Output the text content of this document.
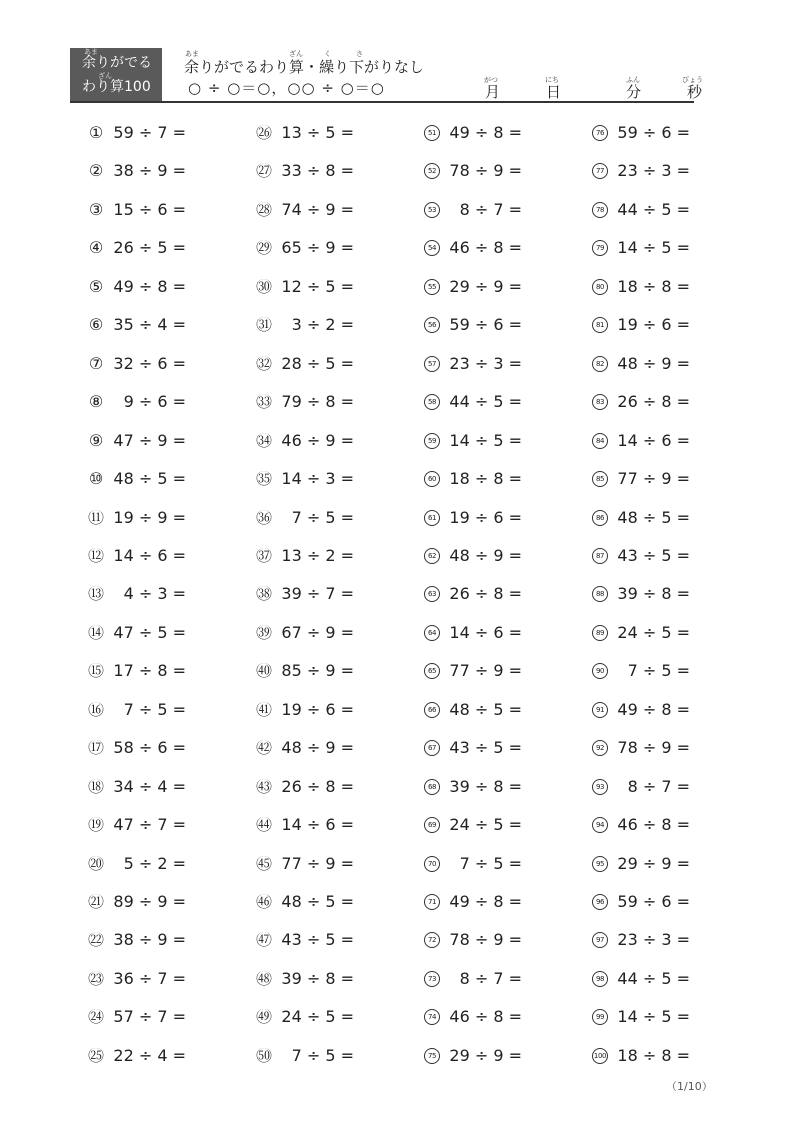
あま
余りがでる
ざん
わり算100
あま	ざん	く	さ
余りがでるわり算・繰り下がりなし
○ ÷ ○＝○，○○ ÷ ○＝○	がつ
月
にち
日
ふん
分
びょう
秒
① 59 ÷ 7 =
② 38 ÷ 9 =
③ 15 ÷ 6 =
④ 26 ÷ 5 =
⑤ 49 ÷ 8 =
⑥ 35 ÷ 4 =
⑦ 32 ÷ 6 =
⑧	9 ÷ 6 =
⑨ 47 ÷ 9 =
⑩ 48 ÷ 5 =
⑪ 19 ÷ 9 =
⑫ 14 ÷ 6 =
⑬	4 ÷ 3 =
⑭ 47 ÷ 5 =
⑮ 17 ÷ 8 =
⑯	7 ÷ 5 =
⑰ 58 ÷ 6 =
⑱ 34 ÷ 4 =
⑲ 47 ÷ 7 =
⑳	5 ÷ 2 =
㉑ 89 ÷ 9 =
㉒ 38 ÷ 9 =
㉓ 36 ÷ 7 =
㉔ 57 ÷ 7 =
㉕ 22 ÷ 4 =
㉖ 13 ÷ 5 =
㉗ 33 ÷ 8 =
㉘ 74 ÷ 9 =
㉙ 65 ÷ 9 =
㉚ 12 ÷ 5 =
㉛	3 ÷ 2 =
㉜ 28 ÷ 5 =
㉝ 79 ÷ 8 =
㉞ 46 ÷ 9 =
㉟ 14 ÷ 3 =
㊱	7 ÷ 5 =
㊲ 13 ÷ 2 =
㊳ 39 ÷ 7 =
㊴ 67 ÷ 9 =
㊵ 85 ÷ 9 =
㊶ 19 ÷ 6 =
㊷ 48 ÷ 9 =
㊸ 26 ÷ 8 =
㊹ 14 ÷ 6 =
㊺ 77 ÷ 9 =
㊻ 48 ÷ 5 =
㊼ 43 ÷ 5 =
㊽ 39 ÷ 8 =
㊾ 24 ÷ 5 =
㊿	7 ÷ 5 =
51 49 ÷ 8 =
52 78 ÷ 9 =
53	8 ÷ 7 =
54 46 ÷ 8 =
55 29 ÷ 9 =
56 59 ÷ 6 =
57 23 ÷ 3 =
58 44 ÷ 5 =
59 14 ÷ 5 =
60 18 ÷ 8 =
61 19 ÷ 6 =
62 48 ÷ 9 =
63 26 ÷ 8 =
64 14 ÷ 6 =
65 77 ÷ 9 =
66 48 ÷ 5 =
67 43 ÷ 5 =
68 39 ÷ 8 =
69 24 ÷ 5 =
70	7 ÷ 5 =
71 49 ÷ 8 =
72 78 ÷ 9 =
73	8 ÷ 7 =
74 46 ÷ 8 =
75 29 ÷ 9 =
76 59 ÷ 6 =
77 23 ÷ 3 =
78 44 ÷ 5 =
79 14 ÷ 5 =
80 18 ÷ 8 =
81 19 ÷ 6 =
82 48 ÷ 9 =
83 26 ÷ 8 =
84 14 ÷ 6 =
85 77 ÷ 9 =
86 48 ÷ 5 =
87 43 ÷ 5 =
88 39 ÷ 8 =
89 24 ÷ 5 =
90	7 ÷ 5 =
91 49 ÷ 8 =
92 78 ÷ 9 =
93	8 ÷ 7 =
94 46 ÷ 8 =
95 29 ÷ 9 =
96 59 ÷ 6 =
97 23 ÷ 3 =
98 44 ÷ 5 =
99 14 ÷ 5 =
100 18 ÷ 8 =
（1/10）
